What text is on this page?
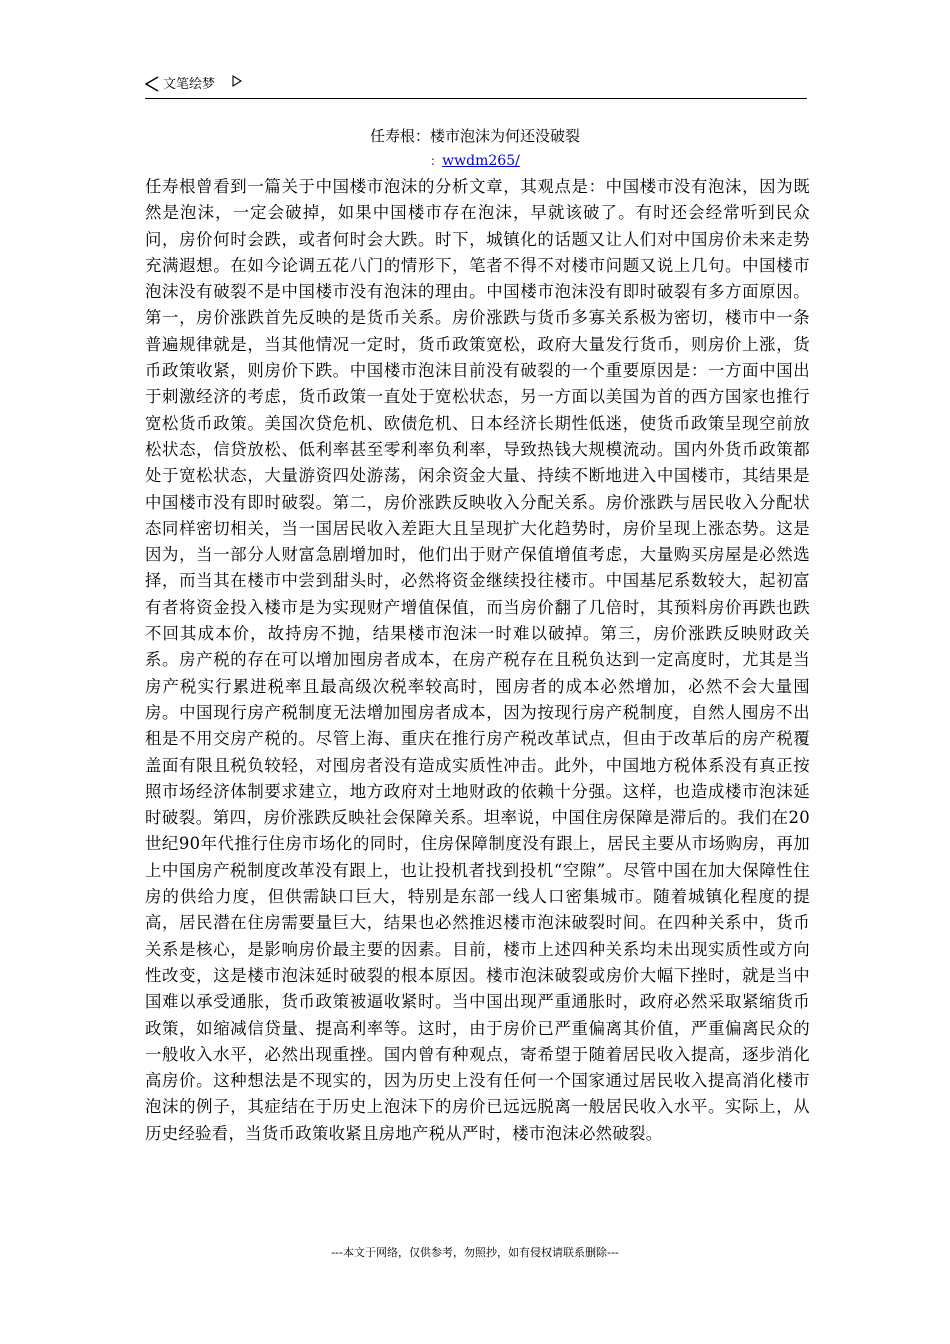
文笔绘梦
任寿根：楼市泡沫为何还没破裂
：wwdm265/
任寿根曾看到一篇关于中国楼市泡沫的分析文章，其观点是：中国楼市没有泡沫，因为既然是泡沫，一定会破掉，如果中国楼市存在泡沫，早就该破了。有时还会经常听到民众问，房价何时会跌，或者何时会大跌。时下，城镇化的话题又让人们对中国房价未来走势充满遐想。在如今论调五花八门的情形下，笔者不得不对楼市问题又说上几句。中国楼市泡沫没有破裂不是中国楼市没有泡沫的理由。中国楼市泡沫没有即时破裂有多方面原因。第一，房价涨跌首先反映的是货币关系。房价涨跌与货币多寡关系极为密切，楼市中一条普遍规律就是，当其他情况一定时，货币政策宽松，政府大量发行货币，则房价上涨，货币政策收紧，则房价下跌。中国楼市泡沫目前没有破裂的一个重要原因是：一方面中国出于刺激经济的考虑，货币政策一直处于宽松状态，另一方面以美国为首的西方国家也推行宽松货币政策。美国次贷危机、欧债危机、日本经济长期性低迷，使货币政策呈现空前放松状态，信贷放松、低利率甚至零利率负利率，导致热钱大规模流动。国内外货币政策都处于宽松状态，大量游资四处游荡，闲余资金大量、持续不断地进入中国楼市，其结果是中国楼市没有即时破裂。第二，房价涨跌反映收入分配关系。房价涨跌与居民收入分配状态同样密切相关，当一国居民收入差距大且呈现扩大化趋势时，房价呈现上涨态势。这是因为，当一部分人财富急剧增加时，他们出于财产保值增值考虑，大量购买房屋是必然选择，而当其在楼市中尝到甜头时，必然将资金继续投往楼市。中国基尼系数较大，起初富有者将资金投入楼市是为实现财产增值保值，而当房价翻了几倍时，其预料房价再跌也跌不回其成本价，故持房不抛，结果楼市泡沫一时难以破掉。第三，房价涨跌反映财政关系。房产税的存在可以增加囤房者成本，在房产税存在且税负达到一定高度时，尤其是当房产税实行累进税率且最高级次税率较高时，囤房者的成本必然增加，必然不会大量囤房。中国现行房产税制度无法增加囤房者成本，因为按现行房产税制度，自然人囤房不出租是不用交房产税的。尽管上海、重庆在推行房产税改革试点，但由于改革后的房产税覆盖面有限且税负较轻，对囤房者没有造成实质性冲击。此外，中国地方税体系没有真正按照市场经济体制要求建立，地方政府对土地财政的依赖十分强。这样，也造成楼市泡沫延时破裂。第四，房价涨跌反映社会保障关系。坦率说，中国住房保障是滞后的。我们在20世纪90年代推行住房市场化的同时，住房保障制度没有跟上，居民主要从市场购房，再加上中国房产税制度改革没有跟上，也让投机者找到投机“空隙”。尽管中国在加大保障性住房的供给力度，但供需缺口巨大，特别是东部一线人口密集城市。随着城镇化程度的提高，居民潜在住房需要量巨大，结果也必然推迟楼市泡沫破裂时间。在四种关系中，货币关系是核心，是影响房价最主要的因素。目前，楼市上述四种关系均未出现实质性或方向性改变，这是楼市泡沫延时破裂的根本原因。楼市泡沫破裂或房价大幅下挫时，就是当中国难以承受通胀，货币政策被逼收紧时。当中国出现严重通胀时，政府必然采取紧缩货币政策，如缩减信贷量、提高利率等。这时，由于房价已严重偏离其价值，严重偏离民众的一般收入水平，必然出现重挫。国内曾有种观点，寄希望于随着居民收入提高，逐步消化高房价。这种想法是不现实的，因为历史上没有任何一个国家通过居民收入提高消化楼市泡沫的例子，其症结在于历史上泡沫下的房价已远远脱离一般居民收入水平。实际上，从历史经验看，当货币政策收紧且房地产税从严时，楼市泡沫必然破裂。
---本文于网络，仅供参考，勿照抄，如有侵权请联系删除---
